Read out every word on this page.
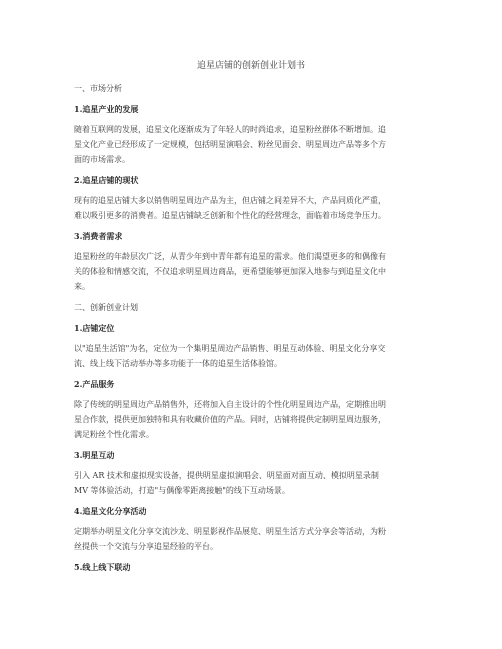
追星店铺的创新创业计划书
一、市场分析
1.追星产业的发展
随着互联网的发展，追星文化逐渐成为了年轻人的时尚追求，追星粉丝群体不断增加。追
星文化产业已经形成了一定规模，包括明星演唱会、粉丝见面会、明星周边产品等多个方
面的市场需求。
2.追星店铺的现状
现有的追星店铺大多以销售明星周边产品为主，但店铺之间差异不大，产品同质化严重，
难以吸引更多的消费者。追星店铺缺乏创新和个性化的经营理念，面临着市场竞争压力。
3.消费者需求
追星粉丝的年龄层次广泛，从青少年到中青年都有追星的需求。他们渴望更多的和偶像有
关的体验和情感交流，不仅追求明星周边商品，更希望能够更加深入地参与到追星文化中
来。
二、创新创业计划
1.店铺定位
以"追星生活馆"为名，定位为一个集明星周边产品销售、明星互动体验、明星文化分享交
流、线上线下活动举办等多功能于一体的追星生活体验馆。
2.产品服务
除了传统的明星周边产品销售外，还将加入自主设计的个性化明星周边产品，定期推出明
星合作款，提供更加独特和具有收藏价值的产品。同时，店铺将提供定制明星周边服务，
满足粉丝个性化需求。
3.明星互动
引入 AR 技术和虚拟现实设备，提供明星虚拟演唱会、明星面对面互动、模拟明星录制
MV 等体验活动，打造"与偶像零距离接触"的线下互动场景。
4.追星文化分享活动
定期举办明星文化分享交流沙龙、明星影视作品展览、明星生活方式分享会等活动，为粉
丝提供一个交流与分享追星经验的平台。
5.线上线下联动
